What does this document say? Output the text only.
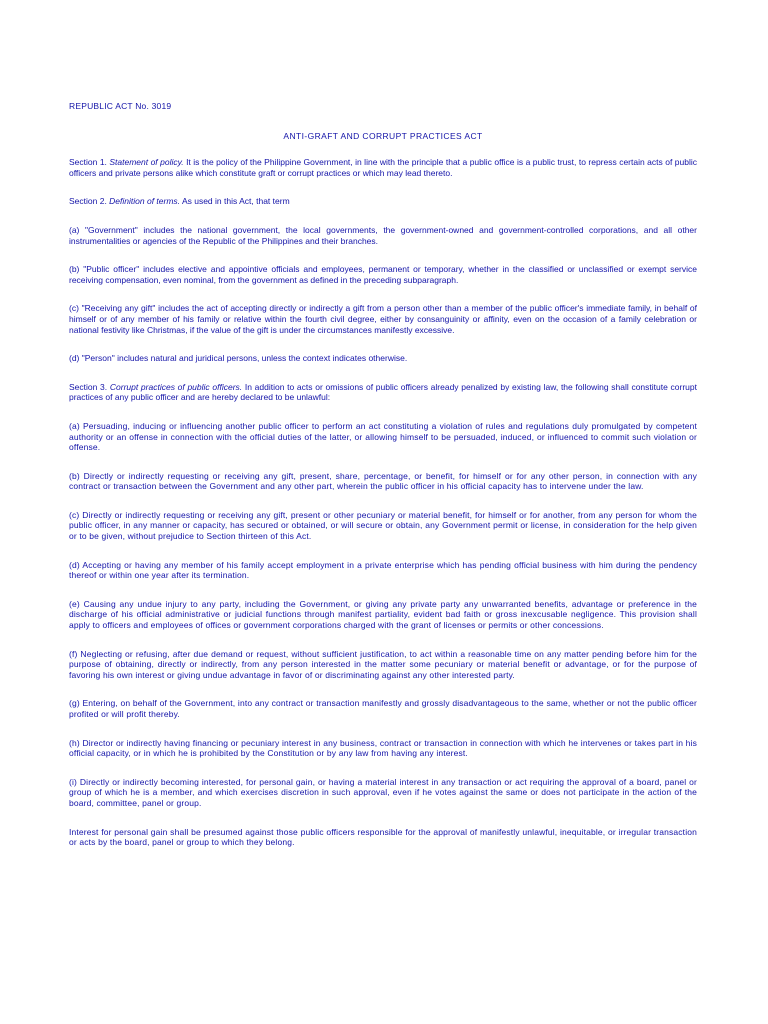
REPUBLIC ACT No. 3019
ANTI-GRAFT AND CORRUPT PRACTICES ACT

Section 1. Statement of policy. It is the policy of the Philippine Government, in line with the principle that a public office is a public trust, to repress certain acts of public officers and private persons alike which constitute graft or corrupt practices or which may lead thereto.

Section 2. Definition of terms. As used in this Act, that term

(a) "Government" includes the national government, the local governments, the government-owned and government-controlled corporations, and all other instrumentalities or agencies of the Republic of the Philippines and their branches.

(b) "Public officer" includes elective and appointive officials and employees, permanent or temporary, whether in the classified or unclassified or exempt service receiving compensation, even nominal, from the government as defined in the preceding subparagraph.

(c) "Receiving any gift" includes the act of accepting directly or indirectly a gift from a person other than a member of the public officer's immediate family, in behalf of himself or of any member of his family or relative within the fourth civil degree, either by consanguinity or affinity, even on the occasion of a family celebration or national festivity like Christmas, if the value of the gift is under the circumstances manifestly excessive.

(d) "Person" includes natural and juridical persons, unless the context indicates otherwise.

Section 3. Corrupt practices of public officers. In addition to acts or omissions of public officers already penalized by existing law, the following shall constitute corrupt practices of any public officer and are hereby declared to be unlawful:

(a) Persuading, inducing or influencing another public officer to perform an act constituting a violation of rules and regulations duly promulgated by competent authority or an offense in connection with the official duties of the latter, or allowing himself to be persuaded, induced, or influenced to commit such violation or offense.

(b) Directly or indirectly requesting or receiving any gift, present, share, percentage, or benefit, for himself or for any other person, in connection with any contract or transaction between the Government and any other part, wherein the public officer in his official capacity has to intervene under the law.

(c) Directly or indirectly requesting or receiving any gift, present or other pecuniary or material benefit, for himself or for another, from any person for whom the public officer, in any manner or capacity, has secured or obtained, or will secure or obtain, any Government permit or license, in consideration for the help given or to be given, without prejudice to Section thirteen of this Act.

(d) Accepting or having any member of his family accept employment in a private enterprise which has pending official business with him during the pendency thereof or within one year after its termination.

(e) Causing any undue injury to any party, including the Government, or giving any private party any unwarranted benefits, advantage or preference in the discharge of his official administrative or judicial functions through manifest partiality, evident bad faith or gross inexcusable negligence. This provision shall apply to officers and employees of offices or government corporations charged with the grant of licenses or permits or other concessions.

(f) Neglecting or refusing, after due demand or request, without sufficient justification, to act within a reasonable time on any matter pending before him for the purpose of obtaining, directly or indirectly, from any person interested in the matter some pecuniary or material benefit or advantage, or for the purpose of favoring his own interest or giving undue advantage in favor of or discriminating against any other interested party.

(g) Entering, on behalf of the Government, into any contract or transaction manifestly and grossly disadvantageous to the same, whether or not the public officer profited or will profit thereby.

(h) Director or indirectly having financing or pecuniary interest in any business, contract or transaction in connection with which he intervenes or takes part in his official capacity, or in which he is prohibited by the Constitution or by any law from having any interest.

(i) Directly or indirectly becoming interested, for personal gain, or having a material interest in any transaction or act requiring the approval of a board, panel or group of which he is a member, and which exercises discretion in such approval, even if he votes against the same or does not participate in the action of the board, committee, panel or group.

Interest for personal gain shall be presumed against those public officers responsible for the approval of manifestly unlawful, inequitable, or irregular transaction or acts by the board, panel or group to which they belong.
